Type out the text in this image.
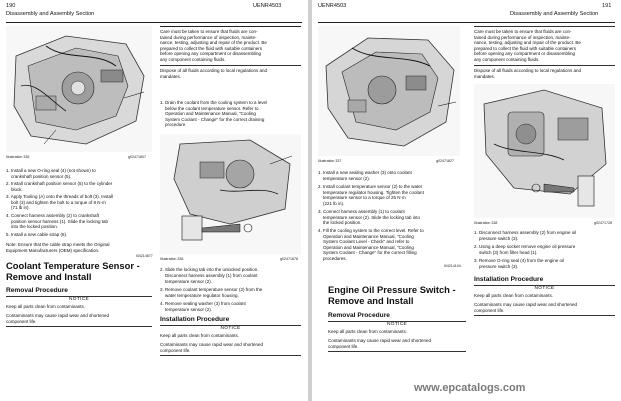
190
Disassembly and Assembly Section
UENR4503
Illustration 335	g02471807
1. Install a new O-ring seal (4) (not shown) to
crankshaft position sensor (5).
2. Install crankshaft position sensor (5) to the cylinder
block.
3. Apply Tooling (A) onto the threads of bolt (3). Install
bolt (3) and tighten the bolt to a torque of 8 N·m
(71 lb in).
4. Connect harness assembly (2) to crankshaft
position sensor harness (1). Slide the locking tab
into the locked position.
5. Install a new cable strap (6).
Note: Ensure that the cable strap meets the Original
Equipment Manufacturers (OEM) specification.
i04214877
Coolant Temperature Sensor -
Remove and Install
Removal Procedure
NOTICE
Keep all parts clean from contaminants.
Contaminants may cause rapid wear and shortened
component life.
Care must be taken to ensure that fluids are con-
tained during performance of inspection, mainte-
nance, testing, adjusting and repair of the product. Be
prepared to collect the fluid with suitable containers
before opening any compartment or disassembling
any component containing fluids.
Dispose of all fluids according to local regulations and
mandates.
1. Drain the coolant from the cooling system to a level
below the coolant temperature sensor. Refer to
Operation and Maintenance Manual, "Cooling
System Coolant - Change" for the correct draining
procedure.
Illustration 336	g02471878
2. Slide the locking tab into the unlocked position.
Disconnect harness assembly (1) from coolant
temperature sensor (2).
3. Remove coolant temperature sensor (2) from the
water temperature regulator housing.
4. Remove sealing washer (3) from coolant
temperature sensor (2).
Installation Procedure
NOTICE
Keep all parts clean from contaminants.
Contaminants may cause rapid wear and shortened
component life.
UENR4503
Disassembly and Assembly Section
191
Illustration 337	g02471827
1. Install a new sealing washer (3) onto coolant
temperature sensor (2).
2. Install coolant temperature sensor (2) to the water
temperature regulator housing. Tighten the coolant
temperature sensor to a torque of 25 N·m
(221 lb in).
3. Connect harness assembly (1) to coolant
temperature sensor (2). Slide the locking tab into
the locked position.
4. Fill the cooling system to the correct level. Refer to
Operation and Maintenance Manual, "Cooling
System Coolant Level - Check" and refer to
Operation and Maintenance Manual, "Cooling
System Coolant - Change" for the correct filling
procedures.
i04214104
Engine Oil Pressure Switch -
Remove and Install
Removal Procedure
NOTICE
Keep all parts clean from contaminants.
Contaminants may cause rapid wear and shortened
component life.
Care must be taken to ensure that fluids are con-
tained during performance of inspection, mainte-
nance, testing, adjusting and repair of the product. Be
prepared to collect the fluid with suitable containers
before opening any compartment or disassembling
any component containing fluids.
Dispose of all fluids according to local regulations and
mandates.
Illustration 338	g02471728
1. Disconnect harness assembly (2) from engine oil
pressure switch (3).
2. Using a deep socket remove engine oil pressure
switch (3) from filter head (1).
3. Remove O-ring seal (4) from the engine oil
pressure switch (3).
Installation Procedure
NOTICE
Keep all parts clean from contaminants.
Contaminants may cause rapid wear and shortened
component life.
www.epcatalogs.com
